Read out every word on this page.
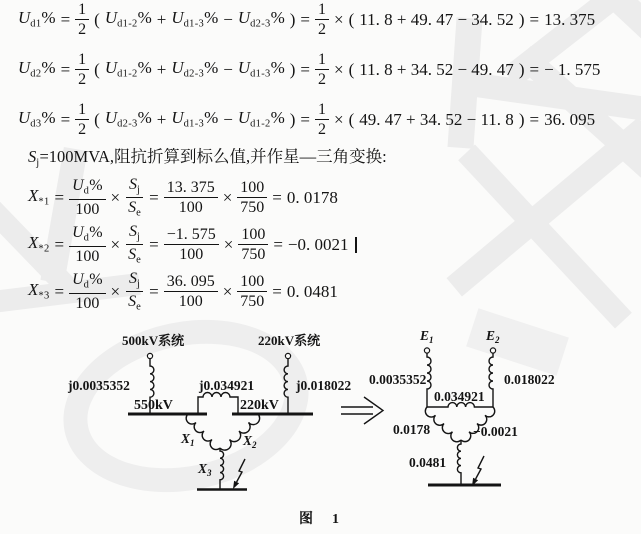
$U_{d1}\% = \frac{1}{2}$ ( $U_{d1-2}\% + U_{d1-3}\% - U_{d2-3}\%$ ) = $\frac{1}{2}$ × ( 11. 8 + 49. 47 − 34. 52 ) = 13. 375
$U_{d2}\% = \frac{1}{2}$ ( $U_{d1-2}\% + U_{d2-3}\% - U_{d1-3}\%$ ) = $\frac{1}{2}$ × ( 11. 8 + 34. 52 − 49. 47 ) = − 1. 575
$U_{d3}\% = \frac{1}{2}$ ( $U_{d2-3}\% + U_{d1-3}\% - U_{d1-2}\%$ ) = $\frac{1}{2}$ × ( 49. 47 + 34. 52 − 11. 8 ) = 36. 095
$S_j=100MVA$,阻抗折算到标么值,并作星—三角变换:
$X_{*1} = \frac{U_d\%}{100} \times \frac{S_j}{S_e} = \frac{13. 375}{100} \times \frac{100}{750} = 0$. 0178
$X_{*2} = \frac{U_d\%}{100} \times \frac{S_j}{S_e} = \frac{-1. 575}{100} \times \frac{100}{750} = -0$. 0021
$X_{*3} = \frac{U_d\%}{100} \times \frac{S_j}{S_e} = \frac{36. 095}{100} \times \frac{100}{750} = 0$. 0481
500kV系统	220kV系统
j0.0035352	j0.018022
j0.034921
550kV	220kV
$X_1$	$X_2$
$X_3$
$E_1$	$E_2$
0.0035352	0.018022
0.034921
0.0178	−0.0021
0.0481
图 1
